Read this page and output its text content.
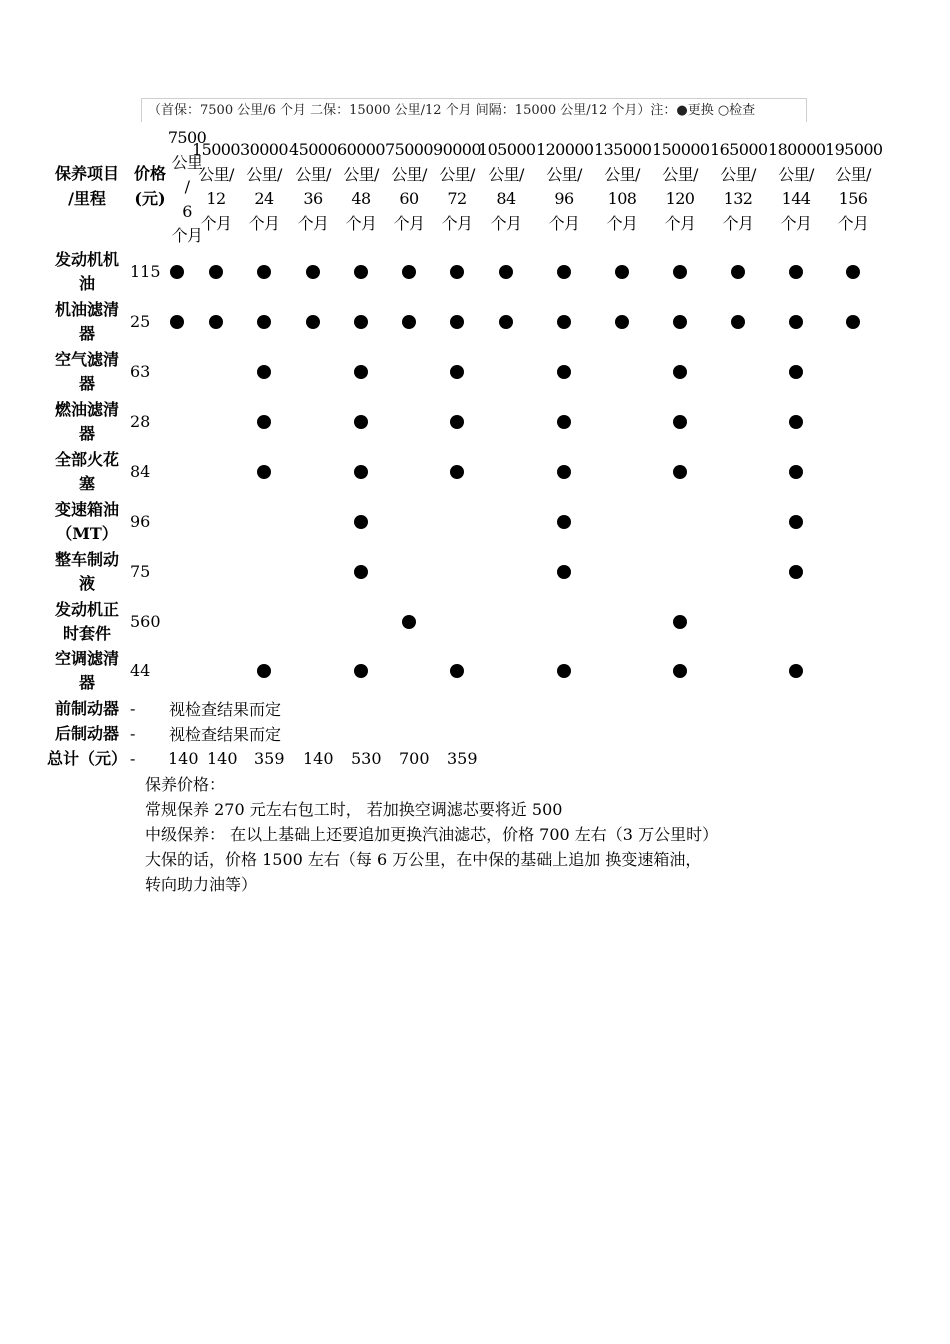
（首保：7500 公里/6 个月 二保：15000 公里/12 个月 间隔：15000 公里/12 个月）注：●更换 ○检查
保养项目
/里程
价格
(元)
7500
公里
/
6
个月
15000
公里/
12
个月
30000
公里/
24
个月
45000
公里/
36
个月
60000
公里/
48
个月
75000
公里/
60
个月
90000
公里/
72
个月
105000
公里/
84
个月
120000
公里/
96
个月
135000
公里/
108
个月
150000
公里/
120
个月
165000
公里/
132
个月
180000
公里/
144
个月
195000
公里/
156
个月
发动机机
油
115
机油滤清
器
25
空气滤清
器
63
燃油滤清
器
28
全部火花
塞
84
变速箱油
（MT）
96
整车制动
液
75
发动机正
时套件
560
空调滤清
器
44
前制动器 - 视检查结果而定
后制动器 - 视检查结果而定
总计（元） - 140 140 359 140 530 700 359
保养价格：
常规保养 270 元左右包工时， 若加换空调滤芯要将近 500
中级保养： 在以上基础上还要追加更换汽油滤芯，价格 700 左右（3 万公里时）
大保的话，价格 1500 左右（每 6 万公里，在中保的基础上追加 换变速箱油，
转向助力油等）
